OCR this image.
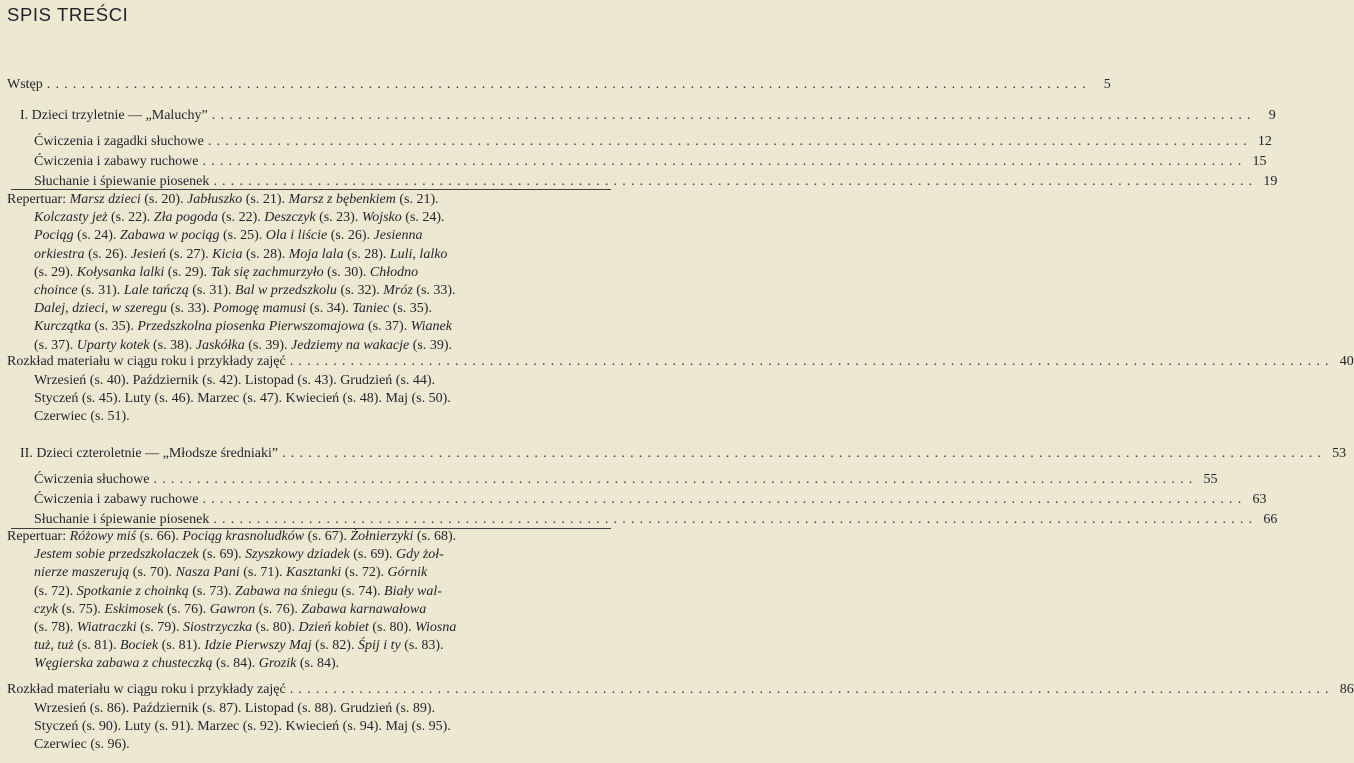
SPIS TREŚCI
Wstęp ........................................................................................................................ 5
I. Dzieci trzyletnie — „Maluchy” ........................................................................................................................ 9
Ćwiczenia i zagadki słuchowe ........................................................................................................................ 12
Ćwiczenia i zabawy ruchowe ........................................................................................................................ 15
Słuchanie i śpiewanie piosenek ........................................................................................................................ 19
Repertuar: Marsz dzieci (s. 20). Jabłuszko (s. 21). Marsz z bębenkiem (s. 21).
Kolczasty jeż (s. 22). Zła pogoda (s. 22). Deszczyk (s. 23). Wojsko (s. 24).
Pociąg (s. 24). Zabawa w pociąg (s. 25). Ola i liście (s. 26). Jesienna
orkiestra (s. 26). Jesień (s. 27). Kicia (s. 28). Moja lala (s. 28). Luli, lalko
(s. 29). Kołysanka lalki (s. 29). Tak się zachmurzyło (s. 30). Chłodno
choince (s. 31). Lale tańczą (s. 31). Bal w przedszkolu (s. 32). Mróz (s. 33).
Dalej, dzieci, w szeregu (s. 33). Pomogę mamusi (s. 34). Taniec (s. 35).
Kurczątka (s. 35). Przedszkolna piosenka Pierwszomajowa (s. 37). Wianek
(s. 37). Uparty kotek (s. 38). Jaskółka (s. 39). Jedziemy na wakacje (s. 39).
Rozkład materiału w ciągu roku i przykłady zajęć ........................................................................................................................ 40
Wrzesień (s. 40). Październik (s. 42). Listopad (s. 43). Grudzień (s. 44).
Styczeń (s. 45). Luty (s. 46). Marzec (s. 47). Kwiecień (s. 48). Maj (s. 50).
Czerwiec (s. 51).
II. Dzieci czteroletnie — „Młodsze średniaki” ........................................................................................................................ 53
Ćwiczenia słuchowe ........................................................................................................................ 55
Ćwiczenia i zabawy ruchowe ........................................................................................................................ 63
Słuchanie i śpiewanie piosenek ........................................................................................................................ 66
Repertuar: Różowy miś (s. 66). Pociąg krasnoludków (s. 67). Żołnierzyki (s. 68).
Jestem sobie przedszkolaczek (s. 69). Szyszkowy dziadek (s. 69). Gdy żoł-
nierze maszerują (s. 70). Nasza Pani (s. 71). Kasztanki (s. 72). Górnik
(s. 72). Spotkanie z choinką (s. 73). Zabawa na śniegu (s. 74). Biały wal-
czyk (s. 75). Eskimosek (s. 76). Gawron (s. 76). Zabawa karnawałowa
(s. 78). Wiatraczki (s. 79). Siostrzyczka (s. 80). Dzień kobiet (s. 80). Wiosna
tuż, tuż (s. 81). Bociek (s. 81). Idzie Pierwszy Maj (s. 82). Śpij i ty (s. 83).
Węgierska zabawa z chusteczką (s. 84). Grozik (s. 84).
Rozkład materiału w ciągu roku i przykłady zajęć ........................................................................................................................ 86
Wrzesień (s. 86). Październik (s. 87). Listopad (s. 88). Grudzień (s. 89).
Styczeń (s. 90). Luty (s. 91). Marzec (s. 92). Kwiecień (s. 94). Maj (s. 95).
Czerwiec (s. 96).
